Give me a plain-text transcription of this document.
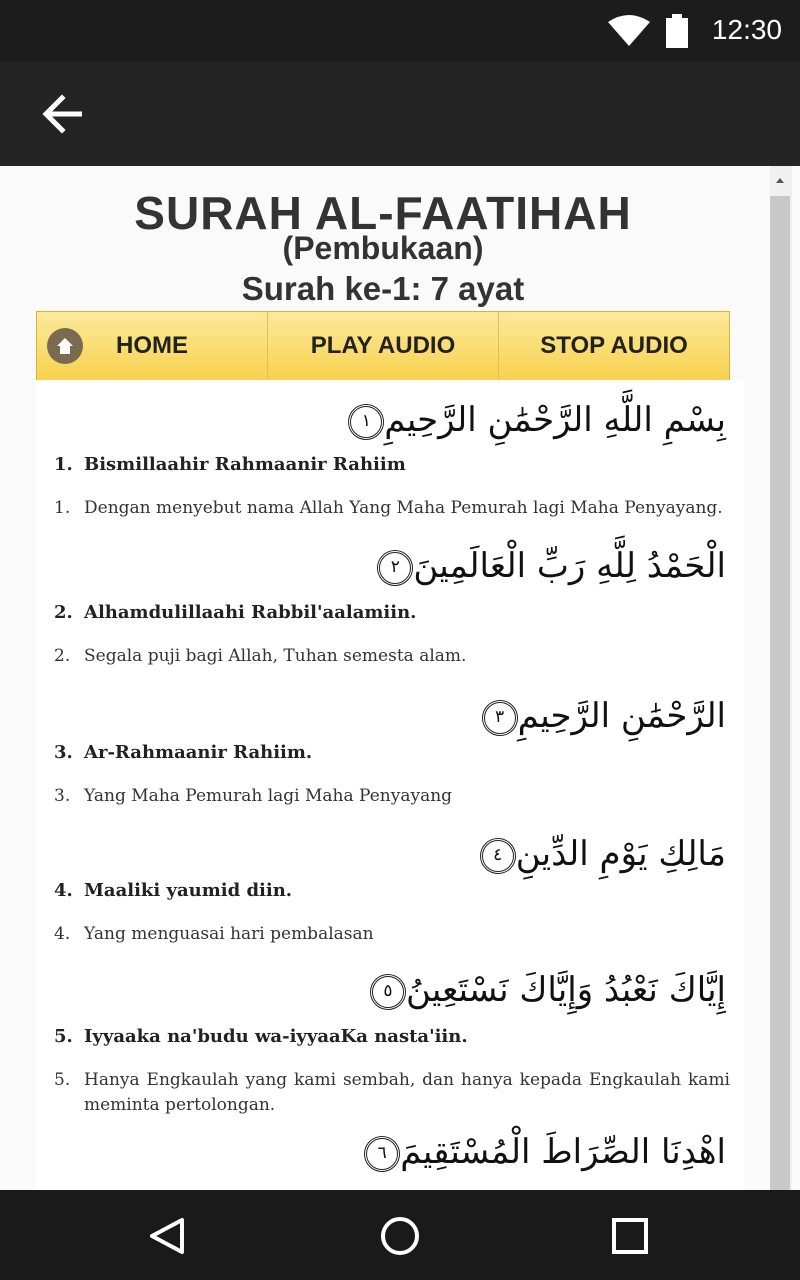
12:30
SURAH AL-FAATIHAH
(Pembukaan)
Surah ke-1: 7 ayat
HOME	PLAY AUDIO	STOP AUDIO
بِسْمِ اللَّهِ الرَّحْمَٰنِ الرَّحِيمِ١
1. Bismillaahir Rahmaanir Rahiim
1. Dengan menyebut nama Allah Yang Maha Pemurah lagi Maha Penyayang.
الْحَمْدُ لِلَّهِ رَبِّ الْعَالَمِينَ٢
2. Alhamdulillaahi Rabbil'aalamiin.
2. Segala puji bagi Allah, Tuhan semesta alam.
الرَّحْمَٰنِ الرَّحِيمِ٣
3. Ar-Rahmaanir Rahiim.
3. Yang Maha Pemurah lagi Maha Penyayang
مَالِكِ يَوْمِ الدِّينِ٤
4. Maaliki yaumid diin.
4. Yang menguasai hari pembalasan
إِيَّاكَ نَعْبُدُ وَإِيَّاكَ نَسْتَعِينُ٥
5. Iyyaaka na'budu wa-iyyaaKa nasta'iin.
5. Hanya Engkaulah yang kami sembah, dan hanya kepada Engkaulah kami meminta pertolongan.
اهْدِنَا الصِّرَاطَ الْمُسْتَقِيمَ٦
